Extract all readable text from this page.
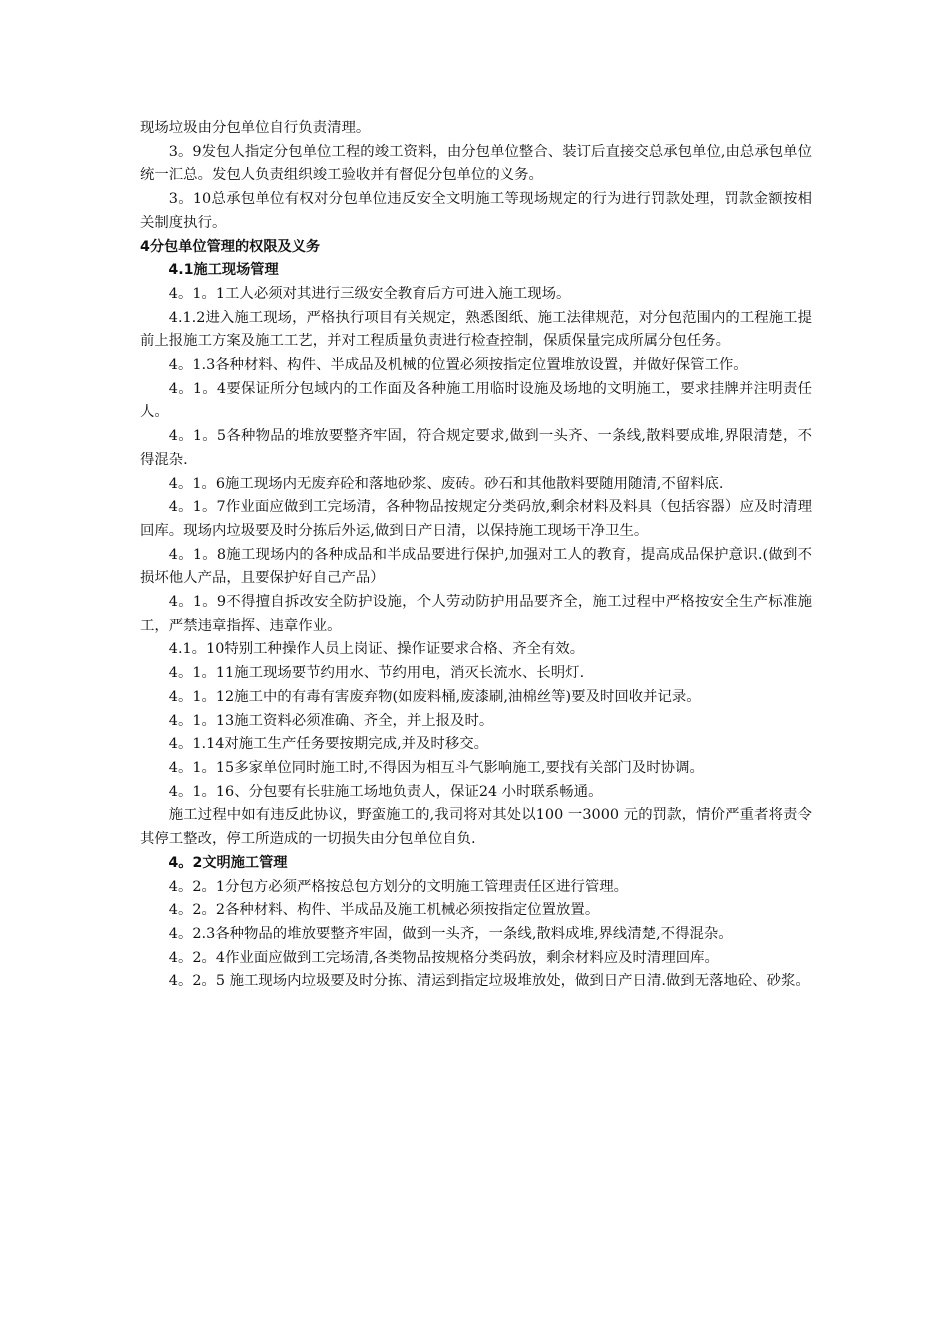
现场垃圾由分包单位自行负责清理。

3。9发包人指定分包单位工程的竣工资料，由分包单位整合、装订后直接交总承包单位,由总承包单位统一汇总。发包人负责组织竣工验收并有督促分包单位的义务。

3。10总承包单位有权对分包单位违反安全文明施工等现场规定的行为进行罚款处理，罚款金额按相关制度执行。

4分包单位管理的权限及义务

4.1施工现场管理

4。1。1工人必须对其进行三级安全教育后方可进入施工现场。

4.1.2进入施工现场，严格执行项目有关规定，熟悉图纸、施工法律规范，对分包范围内的工程施工提前上报施工方案及施工工艺，并对工程质量负责进行检查控制，保质保量完成所属分包任务。

4。1.3各种材料、构件、半成品及机械的位置必须按指定位置堆放设置，并做好保管工作。

4。1。4要保证所分包域内的工作面及各种施工用临时设施及场地的文明施工，要求挂牌并注明责任人。

4。1。5各种物品的堆放要整齐牢固，符合规定要求,做到一头齐、一条线,散料要成堆,界限清楚，不得混杂.

4。1。6施工现场内无废弃砼和落地砂浆、废砖。砂石和其他散料要随用随清,不留料底.

4。1。7作业面应做到工完场清，各种物品按规定分类码放,剩余材料及料具（包括容器）应及时清理回库。现场内垃圾要及时分拣后外运,做到日产日清，以保持施工现场干净卫生。

4。1。8施工现场内的各种成品和半成品要进行保护,加强对工人的教育，提高成品保护意识.(做到不损坏他人产品，且要保护好自己产品）

4。1。9不得擅自拆改安全防护设施，个人劳动防护用品要齐全，施工过程中严格按安全生产标准施工，严禁违章指挥、违章作业。

4.1。10特别工种操作人员上岗证、操作证要求合格、齐全有效。

4。1。11施工现场要节约用水、节约用电，消灭长流水、长明灯.

4。1。12施工中的有毒有害废弃物(如废料桶,废漆刷,油棉丝等)要及时回收并记录。

4。1。13施工资料必须准确、齐全，并上报及时。

4。1.14对施工生产任务要按期完成,并及时移交。

4。1。15多家单位同时施工时,不得因为相互斗气影响施工,要找有关部门及时协调。

4。1。16、分包要有长驻施工场地负责人，保证24 小时联系畅通。

施工过程中如有违反此协议，野蛮施工的,我司将对其处以100 一3000 元的罚款，情价严重者将责令其停工整改，停工所造成的一切损失由分包单位自负.

4。2文明施工管理

4。2。1分包方必须严格按总包方划分的文明施工管理责任区进行管理。

4。2。2各种材料、构件、半成品及施工机械必须按指定位置放置。

4。2.3各种物品的堆放要整齐牢固，做到一头齐，一条线,散料成堆,界线清楚,不得混杂。

4。2。4作业面应做到工完场清,各类物品按规格分类码放，剩余材料应及时清理回库。

4。2。5 施工现场内垃圾要及时分拣、清运到指定垃圾堆放处，做到日产日清.做到无落地砼、砂浆。
